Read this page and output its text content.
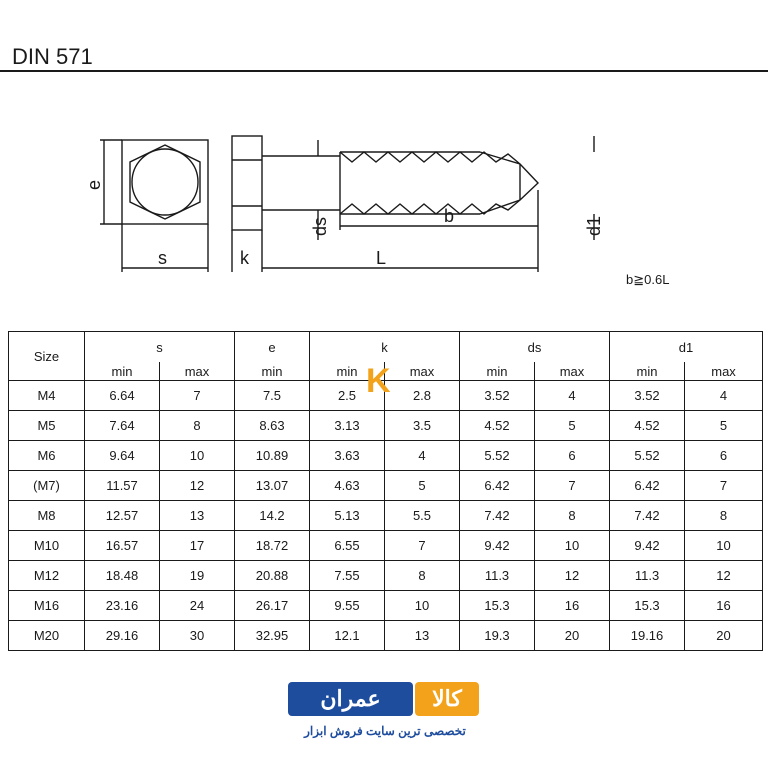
DIN 571
e
s	k
ds
b
L
d1
b≧0.6L
Size	s		e	k		ds		d1	
	min	max	min	min	max	min	max	min	max
M4	6.64	7	7.5	2.5	2.8	3.52	4	3.52	4
M5	7.64	8	8.63	3.13	3.5	4.52	5	4.52	5
M6	9.64	10	10.89	3.63	4	5.52	6	5.52	6
(M7)	11.57	12	13.07	4.63	5	6.42	7	6.42	7
M8	12.57	13	14.2	5.13	5.5	7.42	8	7.42	8
M10	16.57	17	18.72	6.55	7	9.42	10	9.42	10
M12	18.48	19	20.88	7.55	8	11.3	12	11.3	12
M16	23.16	24	26.17	9.55	10	15.3	16	15.3	16
M20	29.16	30	32.95	12.1	13	19.3	20	19.16	20
K
عمران	کالا
تخصصی ترین سایت فروش ابزار
